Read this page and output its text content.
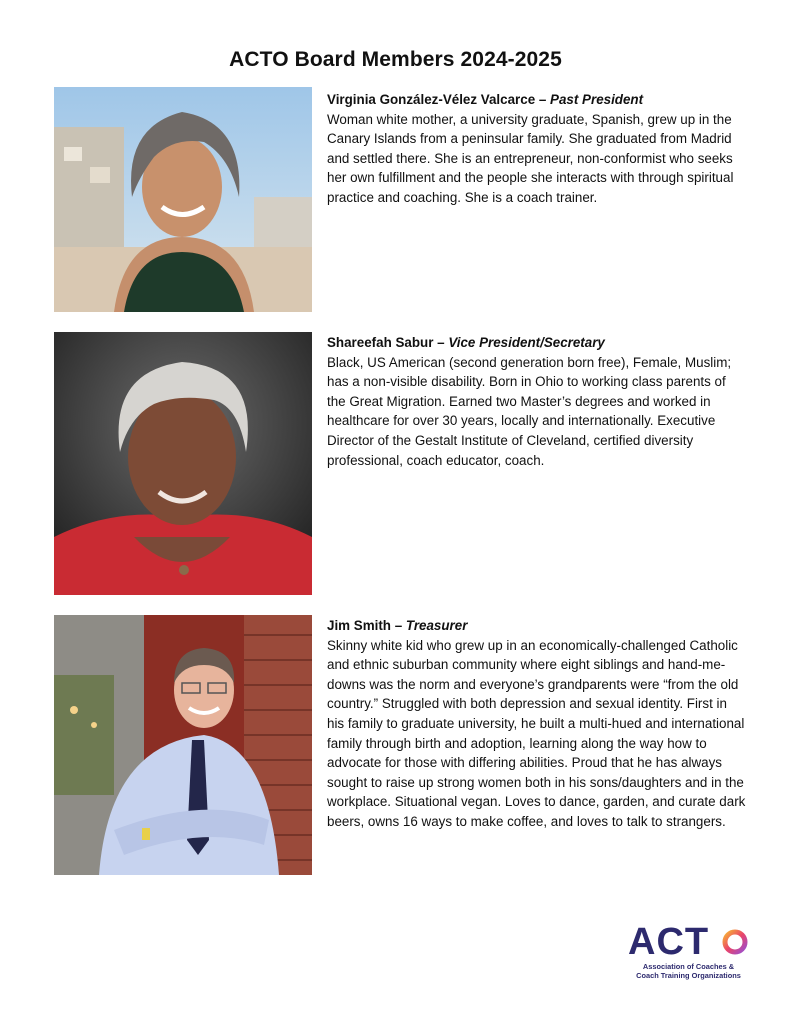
ACTO Board Members 2024-2025

Virginia González-Vélez Valcarce – Past President

Woman white mother, a university graduate, Spanish, grew up in the Canary Islands from a peninsular family. She graduated from Madrid and settled there. She is an entrepreneur, non-conformist who seeks her own fulfillment and the people she interacts with through spiritual practice and coaching. She is a coach trainer.

Shareefah Sabur – Vice President/Secretary

Black, US American (second generation born free), Female, Muslim; has a non-visible disability. Born in Ohio to working class parents of the Great Migration. Earned two Master’s degrees and worked in healthcare for over 30 years, locally and internationally. Executive Director of the Gestalt Institute of Cleveland, certified diversity professional, coach educator, coach.

Jim Smith – Treasurer

Skinny white kid who grew up in an economically-challenged Catholic and ethnic suburban community where eight siblings and hand-me-downs was the norm and everyone’s grandparents were “from the old country.” Struggled with both depression and sexual identity. First in his family to graduate university, he built a multi-hued and international family through birth and adoption, learning along the way how to advocate for those with differing abilities. Proud that he has always sought to raise up strong women both in his sons/daughters and in the workplace. Situational vegan. Loves to dance, garden, and curate dark beers, owns 16 ways to make coffee, and loves to talk to strangers.

ACT
Association of Coaches &
Coach Training Organizations
